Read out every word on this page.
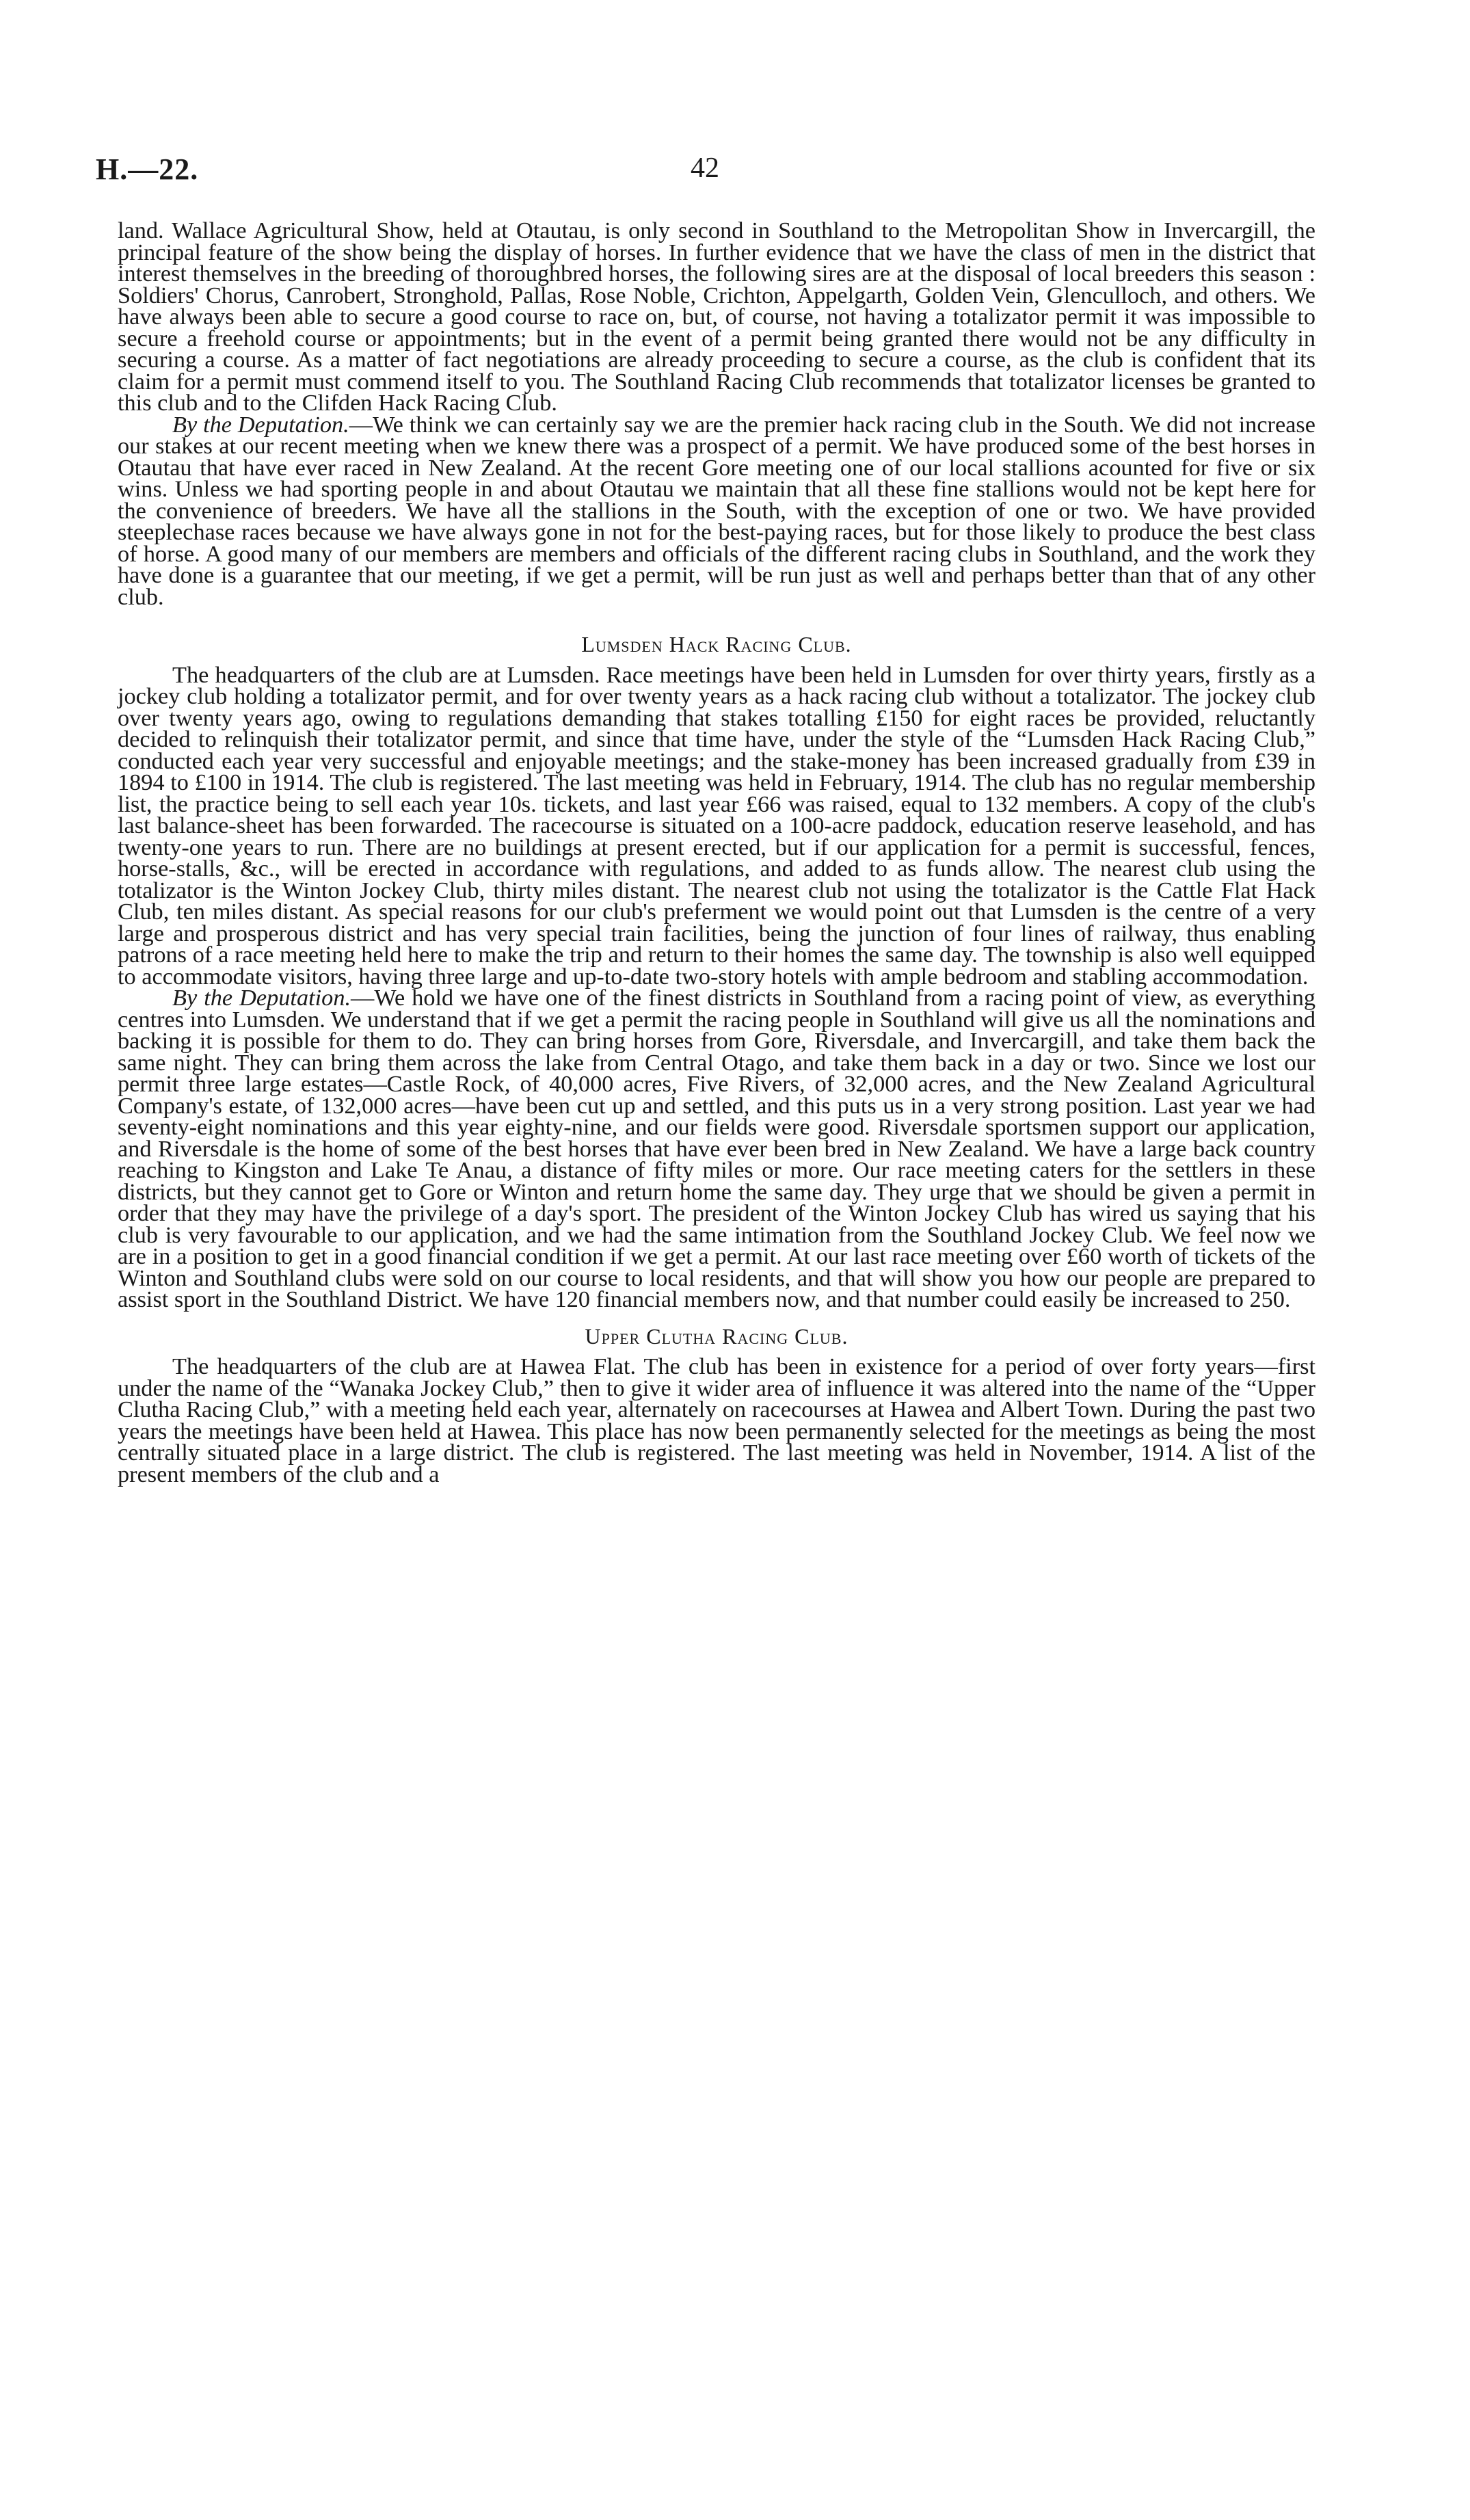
H.—22.	42

land. Wallace Agricultural Show, held at Otautau, is only second in Southland to the Metropolitan Show in Invercargill, the principal feature of the show being the display of horses. In further evidence that we have the class of men in the district that interest themselves in the breeding of thoroughbred horses, the following sires are at the disposal of local breeders this season : Soldiers' Chorus, Canrobert, Stronghold, Pallas, Rose Noble, Crichton, Appelgarth, Golden Vein, Glenculloch, and others. We have always been able to secure a good course to race on, but, of course, not having a totalizator permit it was impossible to secure a freehold course or appointments; but in the event of a permit being granted there would not be any difficulty in securing a course. As a matter of fact negotiations are already proceeding to secure a course, as the club is confident that its claim for a permit must commend itself to you. The Southland Racing Club recommends that totalizator licenses be granted to this club and to the Clifden Hack Racing Club.

By the Deputation.—We think we can certainly say we are the premier hack racing club in the South. We did not increase our stakes at our recent meeting when we knew there was a prospect of a permit. We have produced some of the best horses in Otautau that have ever raced in New Zealand. At the recent Gore meeting one of our local stallions acounted for five or six wins. Unless we had sporting people in and about Otautau we maintain that all these fine stallions would not be kept here for the convenience of breeders. We have all the stallions in the South, with the exception of one or two. We have provided steeplechase races because we have always gone in not for the best-paying races, but for those likely to produce the best class of horse. A good many of our members are members and officials of the different racing clubs in Southland, and the work they have done is a guarantee that our meeting, if we get a permit, will be run just as well and perhaps better than that of any other club.

Lumsden Hack Racing Club.

The headquarters of the club are at Lumsden. Race meetings have been held in Lumsden for over thirty years, firstly as a jockey club holding a totalizator permit, and for over twenty years as a hack racing club without a totalizator. The jockey club over twenty years ago, owing to regulations demanding that stakes totalling £150 for eight races be provided, reluctantly decided to relinquish their totalizator permit, and since that time have, under the style of the “Lumsden Hack Racing Club,” conducted each year very successful and enjoyable meetings; and the stake-money has been increased gradually from £39 in 1894 to £100 in 1914. The club is registered. The last meeting was held in February, 1914. The club has no regular membership list, the practice being to sell each year 10s. tickets, and last year £66 was raised, equal to 132 members. A copy of the club's last balance-sheet has been forwarded. The racecourse is situated on a 100-acre paddock, education reserve leasehold, and has twenty-one years to run. There are no buildings at present erected, but if our application for a permit is successful, fences, horse-stalls, &c., will be erected in accordance with regulations, and added to as funds allow. The nearest club using the totalizator is the Winton Jockey Club, thirty miles distant. The nearest club not using the totalizator is the Cattle Flat Hack Club, ten miles distant. As special reasons for our club's preferment we would point out that Lumsden is the centre of a very large and prosperous district and has very special train facilities, being the junction of four lines of railway, thus enabling patrons of a race meeting held here to make the trip and return to their homes the same day. The township is also well equipped to accommodate visitors, having three large and up-to-date two-story hotels with ample bedroom and stabling accommodation.

By the Deputation.—We hold we have one of the finest districts in Southland from a racing point of view, as everything centres into Lumsden. We understand that if we get a permit the racing people in Southland will give us all the nominations and backing it is possible for them to do. They can bring horses from Gore, Riversdale, and Invercargill, and take them back the same night. They can bring them across the lake from Central Otago, and take them back in a day or two. Since we lost our permit three large estates—Castle Rock, of 40,000 acres, Five Rivers, of 32,000 acres, and the New Zealand Agricultural Company's estate, of 132,000 acres—have been cut up and settled, and this puts us in a very strong position. Last year we had seventy-eight nominations and this year eighty-nine, and our fields were good. Riversdale sportsmen support our application, and Riversdale is the home of some of the best horses that have ever been bred in New Zealand. We have a large back country reaching to Kingston and Lake Te Anau, a distance of fifty miles or more. Our race meeting caters for the settlers in these districts, but they cannot get to Gore or Winton and return home the same day. They urge that we should be given a permit in order that they may have the privilege of a day's sport. The president of the Winton Jockey Club has wired us saying that his club is very favourable to our application, and we had the same intimation from the Southland Jockey Club. We feel now we are in a position to get in a good financial condition if we get a permit. At our last race meeting over £60 worth of tickets of the Winton and Southland clubs were sold on our course to local residents, and that will show you how our people are prepared to assist sport in the Southland District. We have 120 financial members now, and that number could easily be increased to 250.

Upper Clutha Racing Club.

The headquarters of the club are at Hawea Flat. The club has been in existence for a period of over forty years—first under the name of the “Wanaka Jockey Club,” then to give it wider area of influence it was altered into the name of the “Upper Clutha Racing Club,” with a meeting held each year, alternately on racecourses at Hawea and Albert Town. During the past two years the meetings have been held at Hawea. This place has now been permanently selected for the meetings as being the most centrally situated place in a large district. The club is registered. The last meeting was held in November, 1914. A list of the present members of the club and a
